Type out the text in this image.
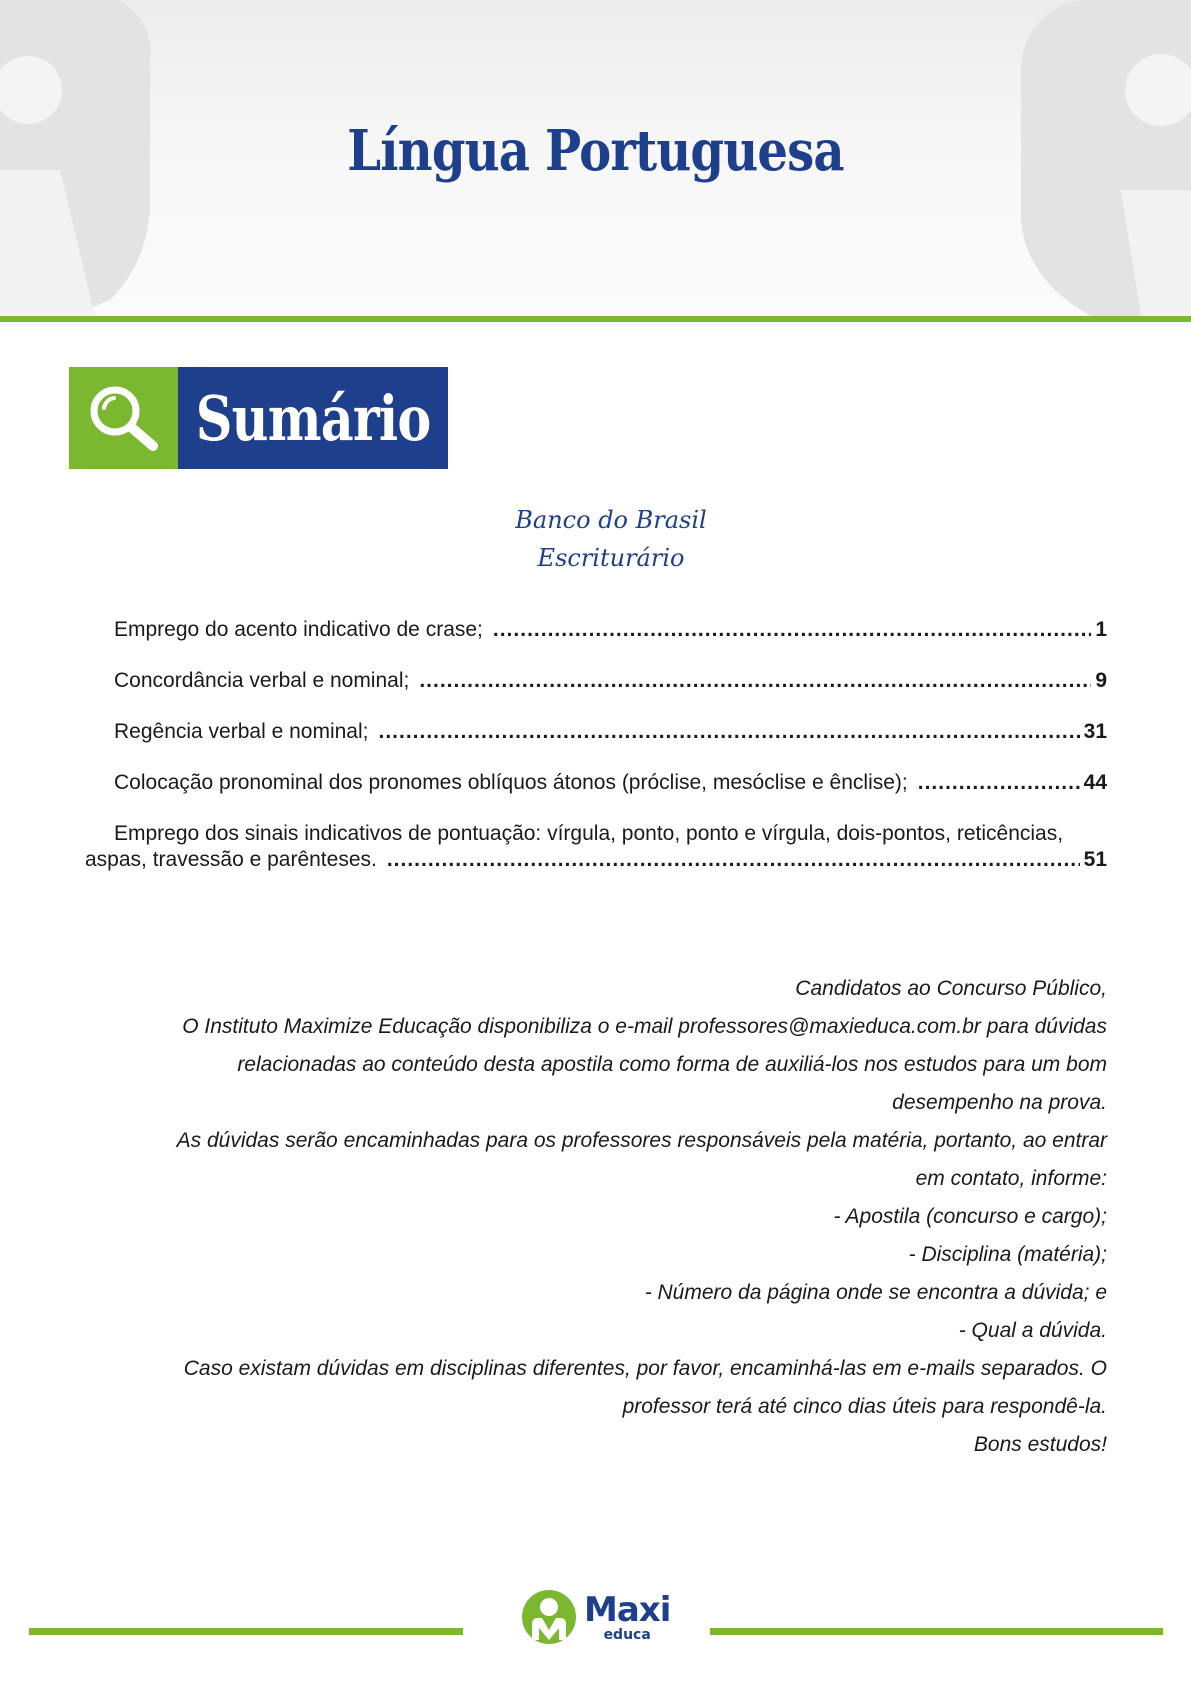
Língua Portuguesa
Sumário
Banco do Brasil
Escriturário
Emprego do acento indicativo de crase; .....	1
Concordância verbal e nominal; .....	9
Regência verbal e nominal; .....	31
Colocação pronominal dos pronomes oblíquos átonos (próclise, mesóclise e ênclise); .....	44
Emprego dos sinais indicativos de pontuação: vírgula, ponto, ponto e vírgula, dois-pontos, reticências,
aspas, travessão e parênteses. .....	51
Candidatos ao Concurso Público,
O Instituto Maximize Educação disponibiliza o e-mail professores@maxieduca.com.br para dúvidas
relacionadas ao conteúdo desta apostila como forma de auxiliá-los nos estudos para um bom
desempenho na prova.
As dúvidas serão encaminhadas para os professores responsáveis pela matéria, portanto, ao entrar
em contato, informe:
- Apostila (concurso e cargo);
- Disciplina (matéria);
- Número da página onde se encontra a dúvida; e
- Qual a dúvida.
Caso existam dúvidas em disciplinas diferentes, por favor, encaminhá-las em e-mails separados. O
professor terá até cinco dias úteis para respondê-la.
Bons estudos!
Maxi
educa
